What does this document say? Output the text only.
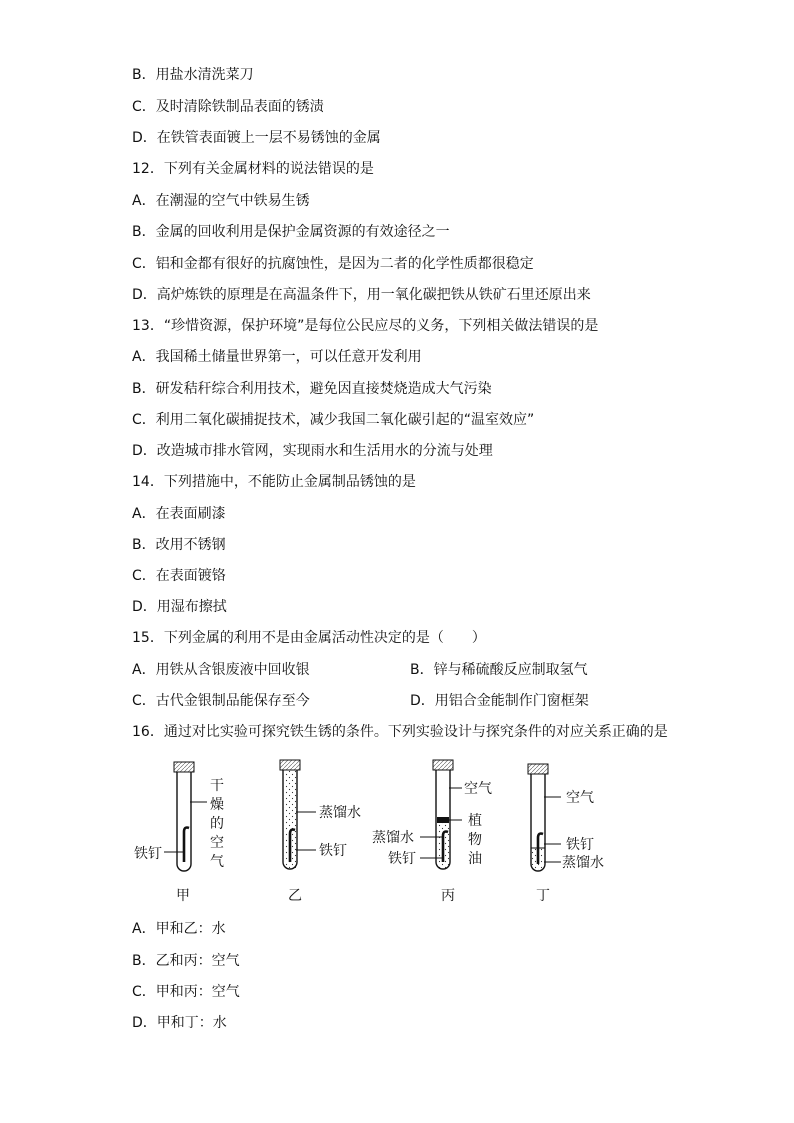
B．用盐水清洗菜刀
C．及时清除铁制品表面的锈渍
D．在铁管表面镀上一层不易锈蚀的金属
12．下列有关金属材料的说法错误的是
A．在潮湿的空气中铁易生锈
B．金属的回收利用是保护金属资源的有效途径之一
C．铝和金都有很好的抗腐蚀性，是因为二者的化学性质都很稳定
D．高炉炼铁的原理是在高温条件下，用一氧化碳把铁从铁矿石里还原出来
13．“珍惜资源，保护环境”是每位公民应尽的义务，下列相关做法错误的是
A．我国稀土储量世界第一，可以任意开发利用
B．研发秸秆综合利用技术，避免因直接焚烧造成大气污染
C．利用二氧化碳捕捉技术，减少我国二氧化碳引起的“温室效应”
D．改造城市排水管网，实现雨水和生活用水的分流与处理
14．下列措施中，不能防止金属制品锈蚀的是
A．在表面刷漆
B．改用不锈钢
C．在表面镀铬
D．用湿布擦拭
15．下列金属的利用不是由金属活动性决定的是（　　）
A．用铁从含银废液中回收银	B．锌与稀硫酸反应制取氢气
C．古代金银制品能保存至今	D．用铝合金能制作门窗框架
16．通过对比实验可探究铁生锈的条件。下列实验设计与探究条件的对应关系正确的是
干
燥
的
空
气
铁钉
甲
蒸馏水
铁钉
乙
空气
植
物
油
蒸馏水
铁钉
丙
空气
铁钉
蒸馏水
丁
A．甲和乙：水
B．乙和丙：空气
C．甲和丙：空气
D．甲和丁：水
